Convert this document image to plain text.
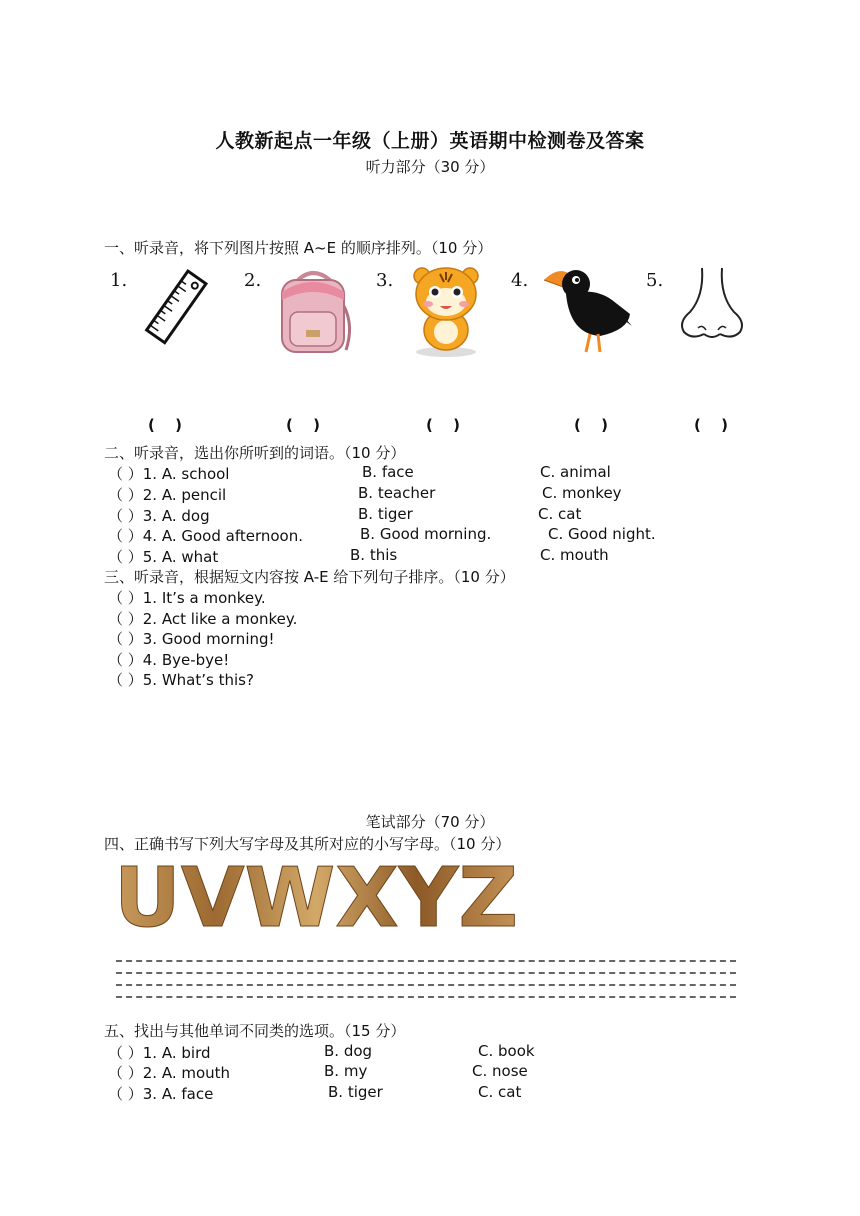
人教新起点一年级（上册）英语期中检测卷及答案
听力部分（30 分）
一、听录音，将下列图片按照 A~E 的顺序排列。（10 分）
1.	2.	3.	4.	5.
(　 )	(　 )	(　 )	(　 )	(　 )
二、听录音，选出你所听到的词语。（10 分）
（ ）1. A. school	B. face	C. animal
（ ）2. A. pencil	B. teacher	C. monkey
（ ）3. A. dog	B. tiger	C. cat
（ ）4. A. Good afternoon.	B. Good morning.	C. Good night.
（ ）5. A. what	B. this	C. mouth
三、听录音，根据短文内容按 A-E 给下列句子排序。（10 分）
（ ）1. It’s a monkey.
（ ）2. Act like a monkey.
（ ）3. Good morning!
（ ）4. Bye-bye!
（ ）5. What’s this?
笔试部分（70 分）
四、正确书写下列大写字母及其所对应的小写字母。（10 分）
UVWXYZ
五、找出与其他单词不同类的选项。（15 分）
（ ）1. A. bird	B. dog	C. book
（ ）2. A. mouth	B. my	C. nose
（ ）3. A. face	B. tiger	C. cat
